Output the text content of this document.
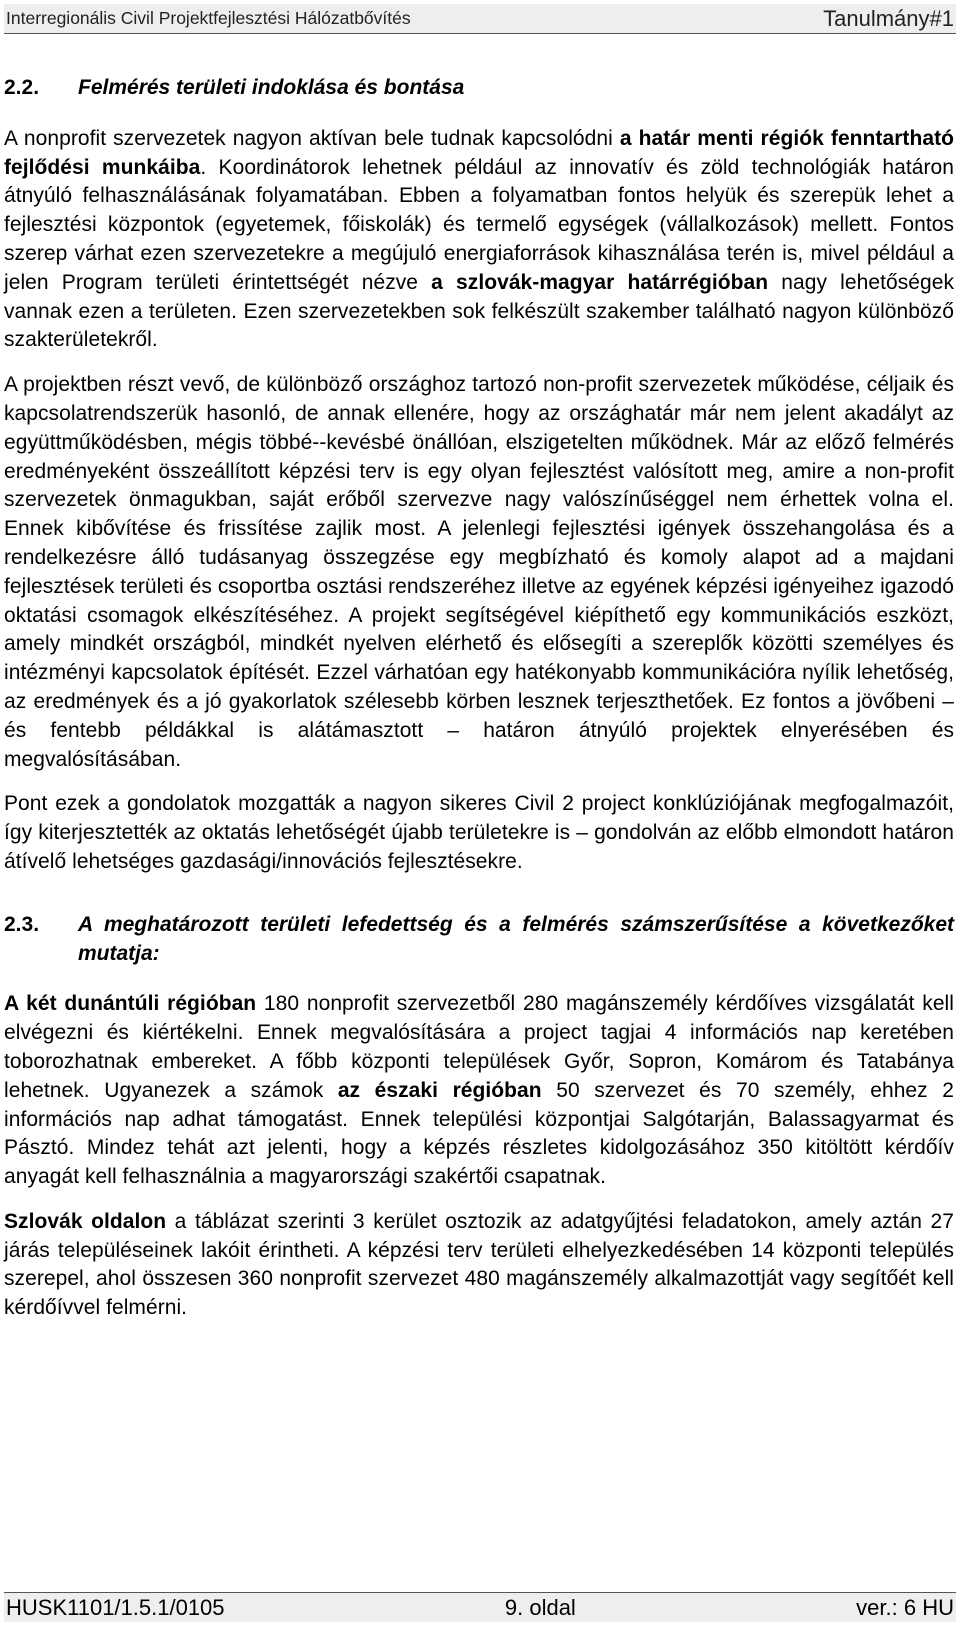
Interregionális Civil Projektfejlesztési Hálózatbővítés	Tanulmány#1
2.2.	Felmérés területi indoklása és bontása

A nonprofit szervezetek nagyon aktívan bele tudnak kapcsolódni a határ menti régiók fenntartható fejlődési munkáiba. Koordinátorok lehetnek például az innovatív és zöld technológiák határon átnyúló felhasználásának folyamatában. Ebben a folyamatban fontos helyük és szerepük lehet a fejlesztési központok (egyetemek, főiskolák) és termelő egységek (vállalkozások) mellett. Fontos szerep várhat ezen szervezetekre a megújuló energiaforrások kihasználása terén is, mivel például a jelen Program területi érintettségét nézve a szlovák-magyar határrégióban nagy lehetőségek vannak ezen a területen. Ezen szervezetekben sok felkészült szakember található nagyon különböző szakterületekről.

A projektben részt vevő, de különböző országhoz tartozó non-profit szervezetek működése, céljaik és kapcsolatrendszerük hasonló, de annak ellenére, hogy az országhatár már nem jelent akadályt az együttműködésben, mégis többé--kevésbé önállóan, elszigetelten működnek. Már az előző felmérés eredményeként összeállított képzési terv is egy olyan fejlesztést valósított meg, amire a non-profit szervezetek önmagukban, saját erőből szervezve nagy valószínűséggel nem érhettek volna el. Ennek kibővítése és frissítése zajlik most. A jelenlegi fejlesztési igények összehangolása és a rendelkezésre álló tudásanyag összegzése egy megbízható és komoly alapot ad a majdani fejlesztések területi és csoportba osztási rendszeréhez illetve az egyének képzési igényeihez igazodó oktatási csomagok elkészítéséhez. A projekt segítségével kiépíthető egy kommunikációs eszközt, amely mindkét országból, mindkét nyelven elérhető és elősegíti a szereplők közötti személyes és intézményi kapcsolatok építését. Ezzel várhatóan egy hatékonyabb kommunikációra nyílik lehetőség, az eredmények és a jó gyakorlatok szélesebb körben lesznek terjeszthetőek. Ez fontos a jövőbeni – és fentebb példákkal is alátámasztott – határon átnyúló projektek elnyerésében és megvalósításában.

Pont ezek a gondolatok mozgatták a nagyon sikeres Civil 2 project konklúziójának megfogalmazóit, így kiterjesztették az oktatás lehetőségét újabb területekre is – gondolván az előbb elmondott határon átívelő lehetséges gazdasági/innovációs fejlesztésekre.

2.3.	A meghatározott területi lefedettség és a felmérés számszerűsítése a következőket mutatja:

A két dunántúli régióban 180 nonprofit szervezetből 280 magánszemély kérdőíves vizsgálatát kell elvégezni és kiértékelni. Ennek megvalósítására a project tagjai 4 információs nap keretében toborozhatnak embereket. A főbb központi települések Győr, Sopron, Komárom és Tatabánya lehetnek. Ugyanezek a számok az északi régióban 50 szervezet és 70 személy, ehhez 2 információs nap adhat támogatást. Ennek települési központjai Salgótarján, Balassagyarmat és Pásztó. Mindez tehát azt jelenti, hogy a képzés részletes kidolgozásához 350 kitöltött kérdőív anyagát kell felhasználnia a magyarországi szakértői csapatnak.

Szlovák oldalon a táblázat szerinti 3 kerület osztozik az adatgyűjtési feladatokon, amely aztán 27 járás településeinek lakóit érintheti. A képzési terv területi elhelyezkedésében 14 központi település szerepel, ahol összesen 360 nonprofit szervezet 480 magánszemély alkalmazottját vagy segítőét kell kérdőívvel felmérni.

HUSK1101/1.5.1/0105	9. oldal	ver.: 6 HU
